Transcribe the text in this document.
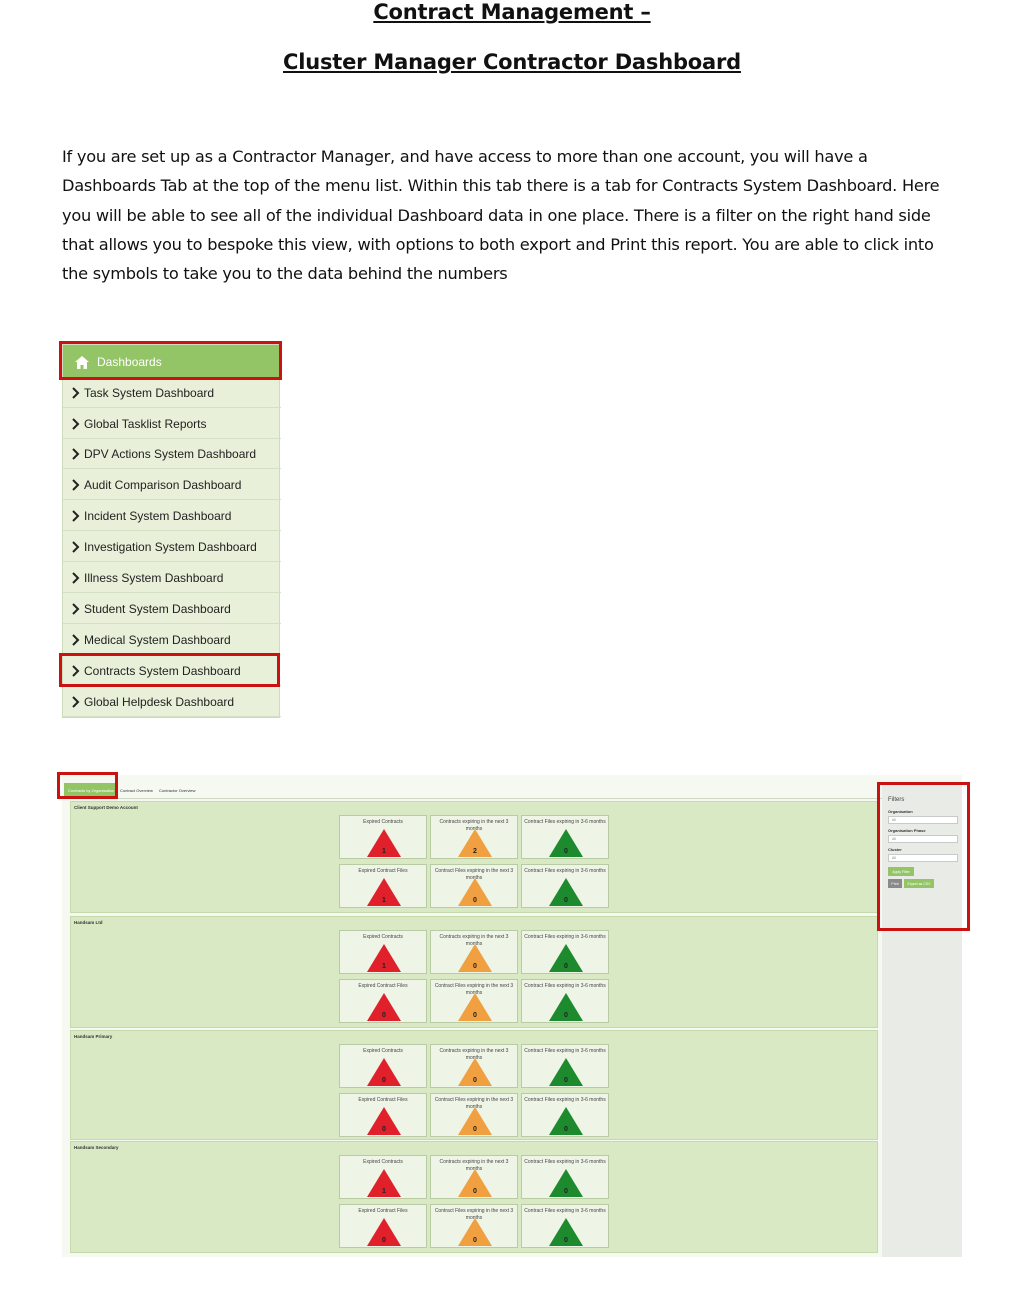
Contract Management –
Cluster Manager Contractor Dashboard

If you are set up as a Contractor Manager, and have access to more than one account, you will have a Dashboards Tab at the top of the menu list. Within this tab there is a tab for Contracts System Dashboard. Here you will be able to see all of the individual Dashboard data in one place. There is a filter on the right hand side that allows you to bespoke this view, with options to both export and Print this report. You are able to click into the symbols to take you to the data behind the numbers

Dashboards
Task System Dashboard
Global Tasklist Reports
DPV Actions System Dashboard
Audit Comparison Dashboard
Incident System Dashboard
Investigation System Dashboard
Illness System Dashboard
Student System Dashboard
Medical System Dashboard
Contracts System Dashboard
Global Helpdesk Dashboard
Contracts by Organisation	Contract Overview Contractor Overview
Client Support Demo Account
Expired Contracts
1
Contracts expiring in the next 3 months
2
Contract Files expiring in 3-6 months
0
Expired Contract Files
1
Contract Files expiring in the next 3 months
0
Contract Files expiring in 3-6 months
0
Handsam Ltd
Expired Contracts
1
Contracts expiring in the next 3 months
0
Contract Files expiring in 3-6 months
0
Expired Contract Files
0
Contract Files expiring in the next 3 months
0
Contract Files expiring in 3-6 months
0
Handsam Primary
Expired Contracts
0
Contracts expiring in the next 3 months
0
Contract Files expiring in 3-6 months
0
Expired Contract Files
0
Contract Files expiring in the next 3 months
0
Contract Files expiring in 3-6 months
0
Handsam Secondary
Expired Contracts
1
Contracts expiring in the next 3 months
0
Contract Files expiring in 3-6 months
0
Expired Contract Files
0
Contract Files expiring in the next 3 months
0
Contract Files expiring in 3-6 months
0
Filters
Organisation
All
Organisation Phase
All
Cluster
All
Apply Filter
Print	Export as CSV
